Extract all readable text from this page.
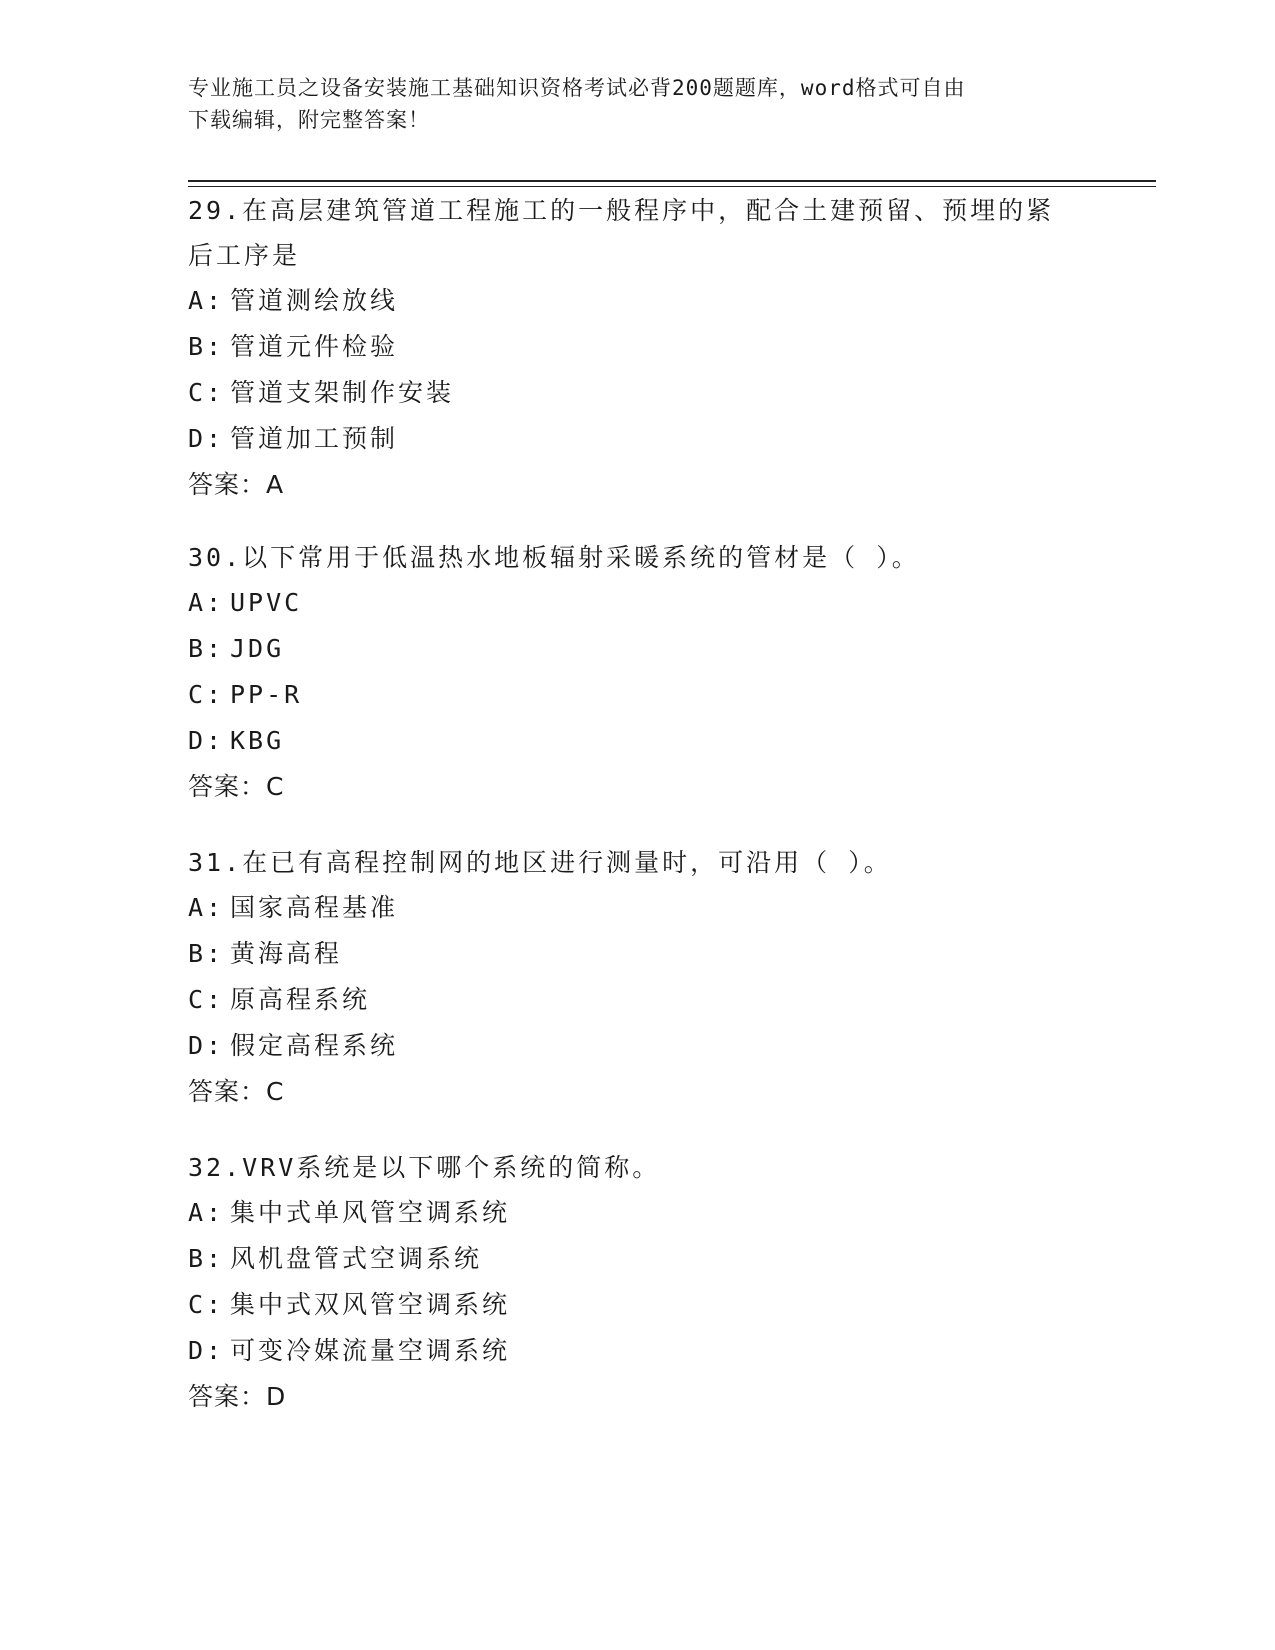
专业施工员之设备安装施工基础知识资格考试必背200题题库，word格式可自由
下载编辑，附完整答案！

29.在高层建筑管道工程施工的一般程序中，配合土建预留、预埋的紧

后工序是

A: 管道测绘放线

B: 管道元件检验

C: 管道支架制作安装

D: 管道加工预制

答案：A

30.以下常用于低温热水地板辐射采暖系统的管材是（ ）。

A: UPVC

B: JDG

C: PP-R

D: KBG

答案：C

31.在已有高程控制网的地区进行测量时，可沿用（ ）。

A: 国家高程基准

B: 黄海高程

C: 原高程系统

D: 假定高程系统

答案：C

32.VRV系统是以下哪个系统的简称。

A: 集中式单风管空调系统

B: 风机盘管式空调系统

C: 集中式双风管空调系统

D: 可变冷媒流量空调系统

答案：D
